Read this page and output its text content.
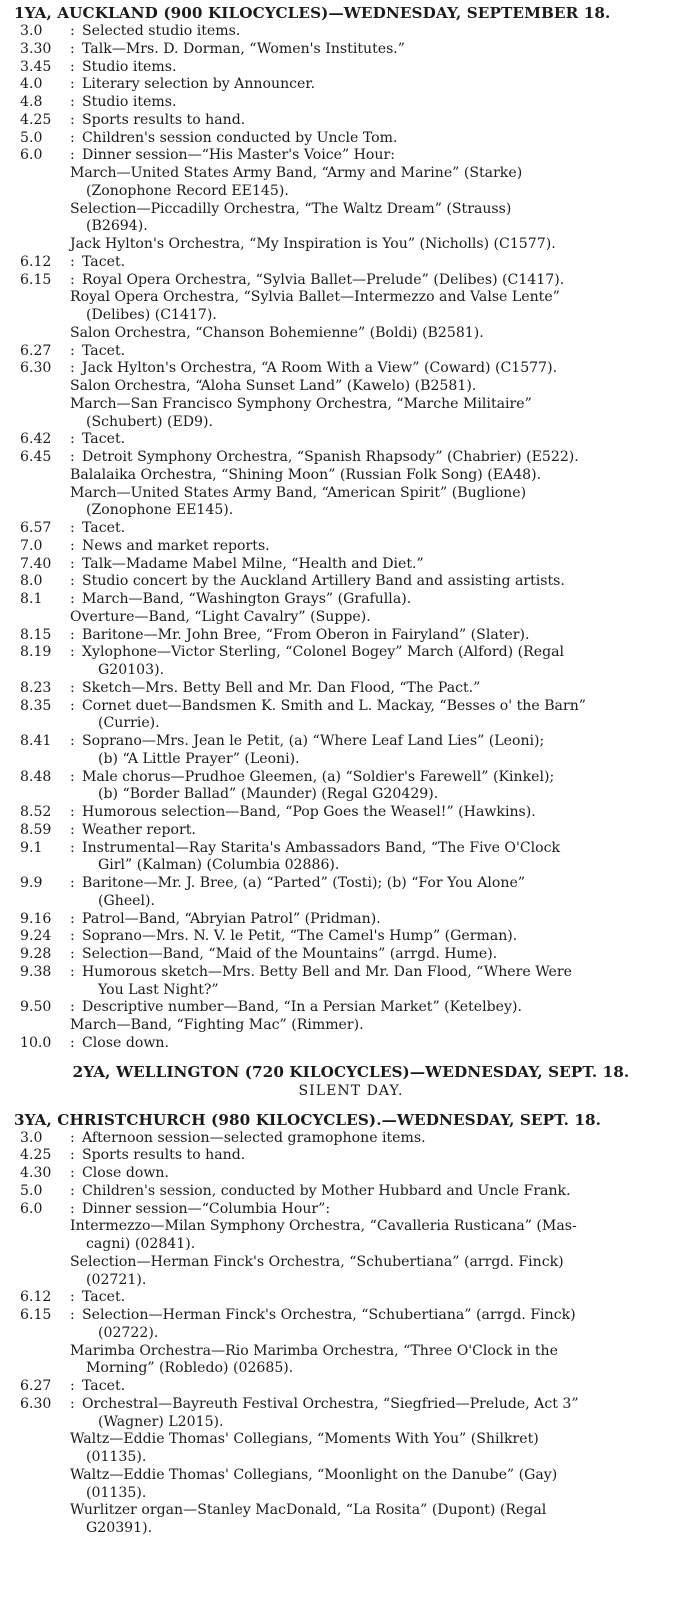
1YA, AUCKLAND (900 KILOCYCLES)—WEDNESDAY, SEPTEMBER 18.
3.0	: Selected studio items.
3.30	: Talk—Mrs. D. Dorman, “Women's Institutes.”
3.45	: Studio items.
4.0	: Literary selection by Announcer.
4.8	: Studio items.
4.25	: Sports results to hand.
5.0	: Children's session conducted by Uncle Tom.
6.0	: Dinner session—“His Master's Voice” Hour:
March—United States Army Band, “Army and Marine” (Starke)
(Zonophone Record EE145).
Selection—Piccadilly Orchestra, “The Waltz Dream” (Strauss)
(B2694).
Jack Hylton's Orchestra, “My Inspiration is You” (Nicholls) (C1577).
6.12	: Tacet.
6.15	: Royal Opera Orchestra, “Sylvia Ballet—Prelude” (Delibes) (C1417).
Royal Opera Orchestra, “Sylvia Ballet—Intermezzo and Valse Lente”
(Delibes) (C1417).
Salon Orchestra, “Chanson Bohemienne” (Boldi) (B2581).
6.27	: Tacet.
6.30	: Jack Hylton's Orchestra, “A Room With a View” (Coward) (C1577).
Salon Orchestra, “Aloha Sunset Land” (Kawelo) (B2581).
March—San Francisco Symphony Orchestra, “Marche Militaire”
(Schubert) (ED9).
6.42	: Tacet.
6.45	: Detroit Symphony Orchestra, “Spanish Rhapsody” (Chabrier) (E522).
Balalaika Orchestra, “Shining Moon” (Russian Folk Song) (EA48).
March—United States Army Band, “American Spirit” (Buglione)
(Zonophone EE145).
6.57	: Tacet.
7.0	: News and market reports.
7.40	: Talk—Madame Mabel Milne, “Health and Diet.”
8.0	: Studio concert by the Auckland Artillery Band and assisting artists.
8.1	: March—Band, “Washington Grays” (Grafulla).
Overture—Band, “Light Cavalry” (Suppe).
8.15	: Baritone—Mr. John Bree, “From Oberon in Fairyland” (Slater).
8.19	: Xylophone—Victor Sterling, “Colonel Bogey” March (Alford) (Regal
G20103).
8.23	: Sketch—Mrs. Betty Bell and Mr. Dan Flood, “The Pact.”
8.35	: Cornet duet—Bandsmen K. Smith and L. Mackay, “Besses o' the Barn”
(Currie).
8.41	: Soprano—Mrs. Jean le Petit, (a) “Where Leaf Land Lies” (Leoni);
(b) “A Little Prayer” (Leoni).
8.48	: Male chorus—Prudhoe Gleemen, (a) “Soldier's Farewell” (Kinkel);
(b) “Border Ballad” (Maunder) (Regal G20429).
8.52	: Humorous selection—Band, “Pop Goes the Weasel!” (Hawkins).
8.59	: Weather report.
9.1	: Instrumental—Ray Starita's Ambassadors Band, “The Five O'Clock
Girl” (Kalman) (Columbia 02886).
9.9	: Baritone—Mr. J. Bree, (a) “Parted” (Tosti); (b) “For You Alone”
(Gheel).
9.16	: Patrol—Band, “Abryian Patrol” (Pridman).
9.24	: Soprano—Mrs. N. V. le Petit, “The Camel's Hump” (German).
9.28	: Selection—Band, “Maid of the Mountains” (arrgd. Hume).
9.38	: Humorous sketch—Mrs. Betty Bell and Mr. Dan Flood, “Where Were
You Last Night?”
9.50	: Descriptive number—Band, “In a Persian Market” (Ketelbey).
March—Band, “Fighting Mac” (Rimmer).
10.0	: Close down.
2YA, WELLINGTON (720 KILOCYCLES)—WEDNESDAY, SEPT. 18.
SILENT DAY.
3YA, CHRISTCHURCH (980 KILOCYCLES).—WEDNESDAY, SEPT. 18.
3.0	: Afternoon session—selected gramophone items.
4.25	: Sports results to hand.
4.30	: Close down.
5.0	: Children's session, conducted by Mother Hubbard and Uncle Frank.
6.0	: Dinner session—“Columbia Hour”:
Intermezzo—Milan Symphony Orchestra, “Cavalleria Rusticana” (Mas-
cagni) (02841).
Selection—Herman Finck's Orchestra, “Schubertiana” (arrgd. Finck)
(02721).
6.12	: Tacet.
6.15	: Selection—Herman Finck's Orchestra, “Schubertiana” (arrgd. Finck)
(02722).
Marimba Orchestra—Rio Marimba Orchestra, “Three O'Clock in the
Morning” (Robledo) (02685).
6.27	: Tacet.
6.30	: Orchestral—Bayreuth Festival Orchestra, “Siegfried—Prelude, Act 3”
(Wagner) L2015).
Waltz—Eddie Thomas' Collegians, “Moments With You” (Shilkret)
(01135).
Waltz—Eddie Thomas' Collegians, “Moonlight on the Danube” (Gay)
(01135).
Wurlitzer organ—Stanley MacDonald, “La Rosita” (Dupont) (Regal
G20391).
